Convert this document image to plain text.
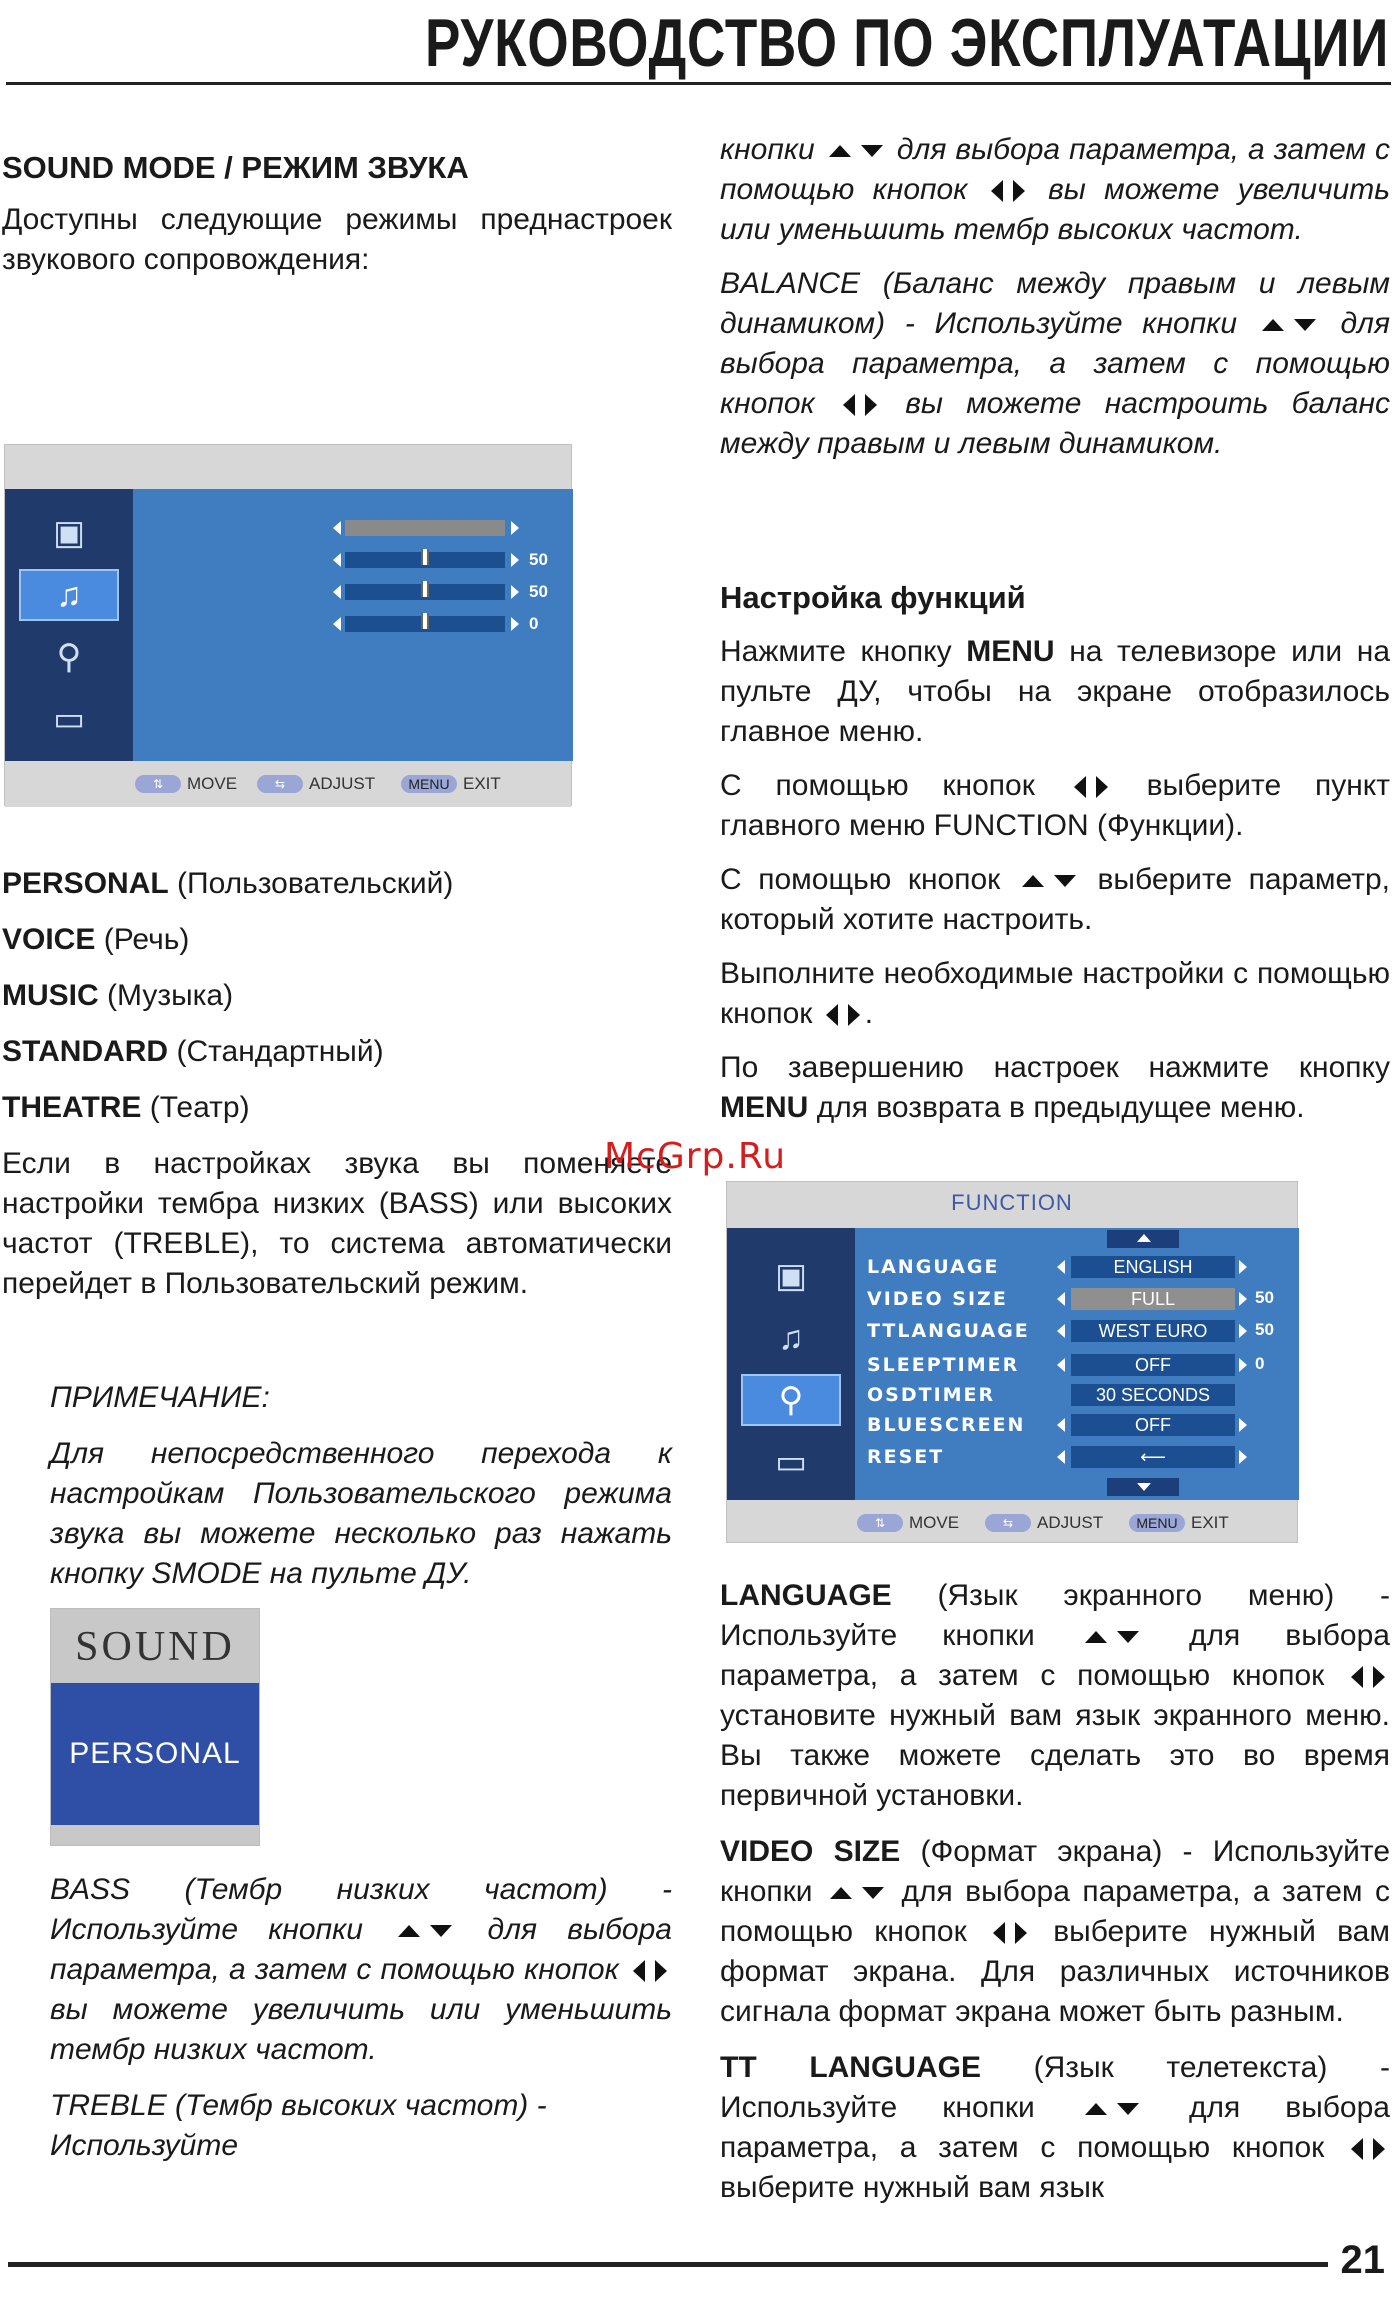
РУКОВОДСТВО ПО ЭКСПЛУАТАЦИИ
SOUND MODE / РЕЖИМ ЗВУКА

Доступны следующие режимы преднастроек звукового сопровождения:

▣
♫
⚲
▭
50
50
0
⇅	MOVE	⇆	ADJUST	MENU EXIT
PERSONAL (Пользовательский)
VOICE (Речь)
MUSIC (Музыка)
STANDARD (Стандартный)
THEATRE (Театр)

Если в настройках звука вы поменяете настройки тембра низких (BASS) или высоких частот (TREBLE), то система автоматически перейдет в Пользовательский режим.

ПРИМЕЧАНИЕ:

Для непосредственного перехода к настройкам Пользовательского режима звука вы можете несколько раз нажать кнопку SMODE на пульте ДУ.

SOUND
PERSONAL

BASS (Тембр низких частот) - Используйте кнопки	для выбора параметра, а затем с помощью кнопок  вы можете увеличить или уменьшить тембр низких частот.

TREBLE (Тембр высоких частот) - Используйте

кнопки	для выбора параметра, а затем с помощью кнопок	вы можете увеличить или уменьшить тембр высоких частот.

BALANCE (Баланс между правым и левым динамиком) - Используйте кнопки	для выбора параметра, а затем с помощью кнопок	вы можете настроить баланс между правым и левым динамиком.

Настройка функций

Нажмите кнопку MENU на телевизоре или на пульте ДУ, чтобы на экране отобразилось главное меню.

С помощью кнопок	выберите пункт главного меню FUNCTION (Функции).

С помощью кнопок	выберите параметр, который хотите настроить.

Выполните необходимые настройки с помощью кнопок .

По завершению настроек нажмите кнопку MENU для возврата в предыдущее меню.

McGrp.Ru
FUNCTION
▣
♫
⚲
▭
LANGUAGE	ENGLISH
VIDEO SIZE	FULL	50
TTLANGUAGE	WEST EURO	50
SLEEPTIMER	OFF	0
OSDTIMER	30 SECONDS
BLUESCREEN	OFF
RESET	⟵
⇅	MOVE	⇆	ADJUST	MENU EXIT

LANGUAGE (Язык экранного меню) - Используйте кнопки	для выбора параметра, а затем с помощью кнопок  установите нужный вам язык экранного меню. Вы также можете сделать это во время первичной установки.

VIDEO SIZE (Формат экрана) - Используйте кнопки	для выбора параметра, а затем с помощью кнопок	выберите нужный вам формат экрана. Для различных источников сигнала формат экрана может быть разным.

TT LANGUAGE (Язык телетекста) - Используйте кнопки	для выбора параметра, а затем с помощью кнопок  выберите нужный вам язык

21
